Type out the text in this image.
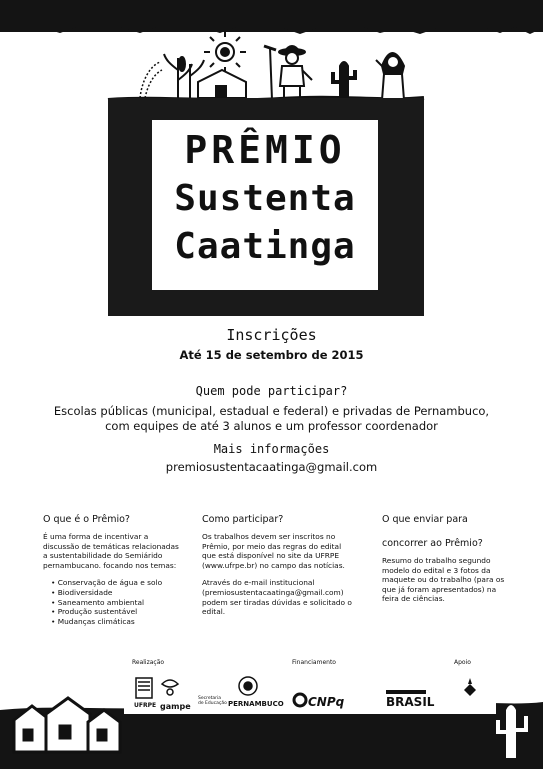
PRÊMIO
Sustenta
Caatinga
Inscrições
Até 15 de setembro de 2015
Quem pode participar?
Escolas públicas (municipal, estadual e federal) e privadas de Pernambuco,
com equipes de até 3 alunos e um professor coordenador
Mais informações
premiosustentacaatinga@gmail.com
O que é o Prêmio?

É uma forma de incentivar a discussão de temáticas relacionadas a sustentabilidade do Semiárido pernambucano. focando nos temas:

• Conservação de água e solo
• Biodiversidade
• Saneamento ambiental
• Produção sustentável
• Mudanças climáticas
Como participar?

Os trabalhos devem ser inscritos no Prêmio, por meio das regras do edital que está disponível no site da UFRPE (www.ufrpe.br) no campo das notícias.

Através do e-mail institucional (premiosustentacaatinga@gmail.com) podem ser tiradas dúvidas e solicitado o edital.

O que enviar para

concorrer ao Prêmio?

Resumo do trabalho segundo modelo do edital e 3 fotos da maquete ou do trabalho (para os que já foram apresentados) na feira de ciências.

Realização	Financiamento	Apoio
UFRPE gampe
Secretaria de Educação PERNAMBUCO CNPq	BRASIL
